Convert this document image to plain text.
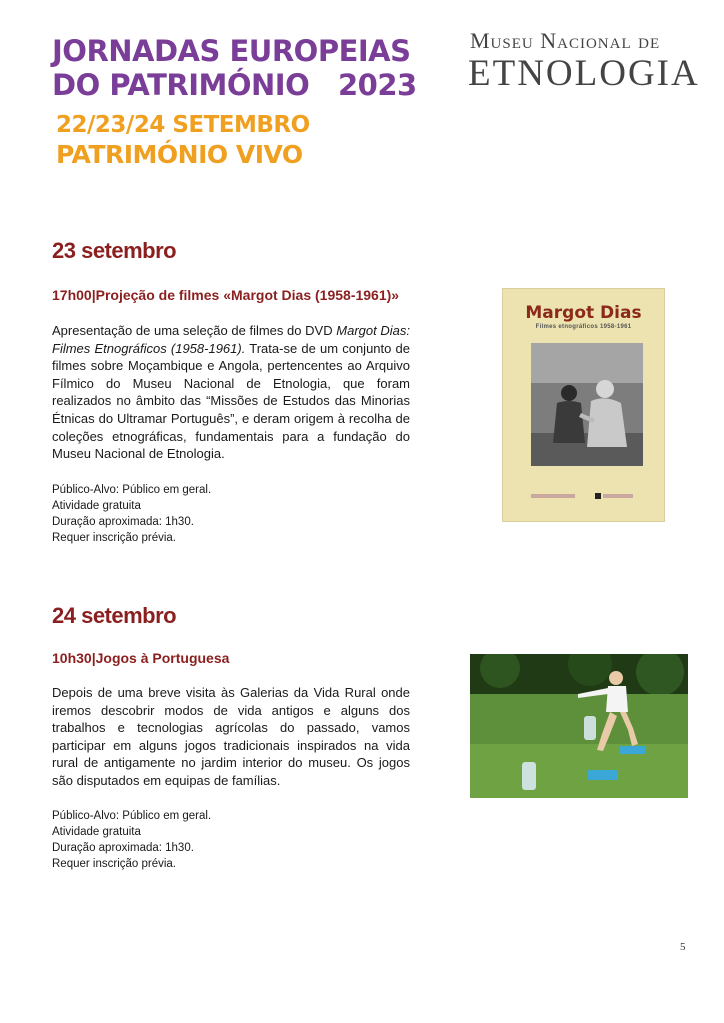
JORNADAS EUROPEIAS
DO PATRIMÓNIO 2023
22/23/24 SETEMBRO
PATRIMÓNIO VIVO
Museu Nacional de
ETNOLOGIA
23 setembro
17h00|Projeção de filmes «Margot Dias (1958-1961)»
Apresentação de uma seleção de filmes do DVD Margot Dias: Filmes Etnográficos (1958-1961). Trata-se de um conjunto de filmes sobre Moçambique e Angola, pertencentes ao Arquivo Fílmico do Museu Nacional de Etnologia, que foram realizados no âmbito das “Missões de Estudos das Minorias Étnicas do Ultramar Português”, e deram origem à recolha de coleções etnográficas, fundamentais para a fundação do Museu Nacional de Etnologia.
Público-Alvo: Público em geral.
Atividade gratuita
Duração aproximada: 1h30.
Requer inscrição prévia.
Margot Dias
Filmes etnográficos 1958-1961
24 setembro
10h30|Jogos à Portuguesa
Depois de uma breve visita às Galerias da Vida Rural onde iremos descobrir modos de vida antigos e alguns dos trabalhos e tecnologias agrícolas do passado, vamos participar em alguns jogos tradicionais inspirados na vida rural de antigamente no jardim interior do museu. Os jogos são disputados em equipas de famílias.
Público-Alvo: Público em geral.
Atividade gratuita
Duração aproximada: 1h30.
Requer inscrição prévia.
5
